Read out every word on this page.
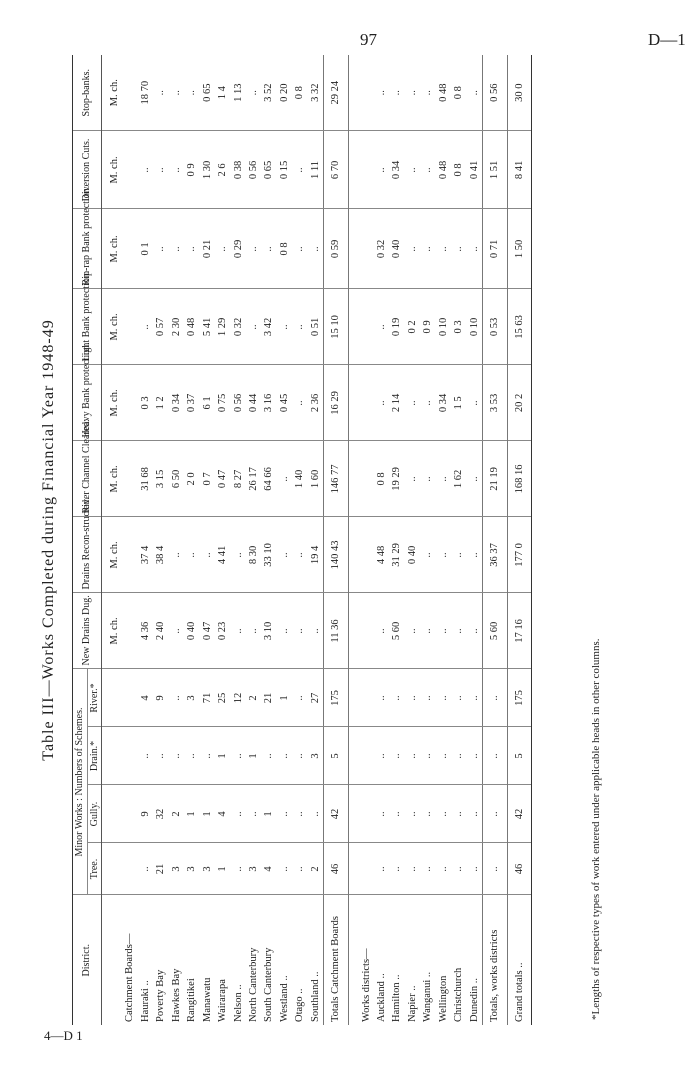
97	D—1
4—D 1
Table III—Works Completed during Financial Year 1948-49
District.	Minor Works : Numbers of Schemes.				New Drains Dug.	Drains Recon-structed.	River Channel Cleared.	Heavy Bank protection.	Light Bank protection.	Rip-rap Bank protection.	Diversion Cuts.	Stop-banks.
	Tree.	Gully.	Drain.*	River.*								
					M. ch.	M. ch.	M. ch.	M. ch.	M. ch.	M. ch.	M. ch.	M. ch.
Catchment Boards—												
Hauraki ..	..	9	..	4	4 36	37 4	31 68	0 3	..	0 1	..	18 70
Poverty Bay	21	32	..	9	2 40	38 4	3 15	1 2	0 57	..	..	..
Hawkes Bay	3	2	..	..	..	..	6 50	0 34	2 30	..	..	..
Rangitikei	3	1	..	3	0 40	..	2 0	0 37	0 48	..	0 9	..
Manawatu	3	1	..	71	0 47	..	0 7	6 1	5 41	0 21	1 30	0 65
Wairarapa	1	4	1	25	0 23	4 41	0 47	0 75	1 29	..	2 6	1 4
Nelson ..	..	..	..	12	..	..	8 27	0 56	0 32	0 29	0 38	1 13
North Canterbury	3	..	1	2	..	8 30	26 17	0 44	..	..	0 56	..
South Canterbury	4	1	..	21	3 10	33 10	64 66	3 16	3 42	..	0 65	3 52
Westland ..	..	..	..	1	..	..	..	0 45	..	0 8	0 15	0 20
Otago ..	..	..	..	..	..	..	1 40	..	..	..	..	0 8
Southland ..	2	..	3	27	..	19 4	1 60	2 36	0 51	..	1 11	3 32
Totals Catchment Boards	46	42	5	175	11 36	140 43	146 77	16 29	15 10	0 59	6 70	29 24

Works districts—												
Auckland ..	..	..	..	..	..	4 48	0 8	..	..	0 32	..	..
Hamilton ..	..	..	..	..	5 60	31 29	19 29	2 14	0 19	0 40	0 34	..
Napier ..	..	..	..	..	..	0 40	..	..	0 2	..	..	..
Wanganui ..	..	..	..	..	..	..	..	..	0 9	..	..	..
Wellington	..	..	..	..	..	..	..	0 34	0 10	..	0 48	0 48
Christchurch	..	..	..	..	..	..	1 62	1 5	0 3	..	0 8	0 8
Dunedin ..	..	..	..	..	..	..	..	..	0 10	..	0 41	..
Totals, works districts	..	..	..	..	5 60	36 37	21 19	3 53	0 53	0 71	1 51	0 56
Grand totals ..	46	42	5	175	17 16	177 0	168 16	20 2	15 63	1 50	8 41	30 0
*Lengths of respective types of work entered under applicable heads in other columns.
